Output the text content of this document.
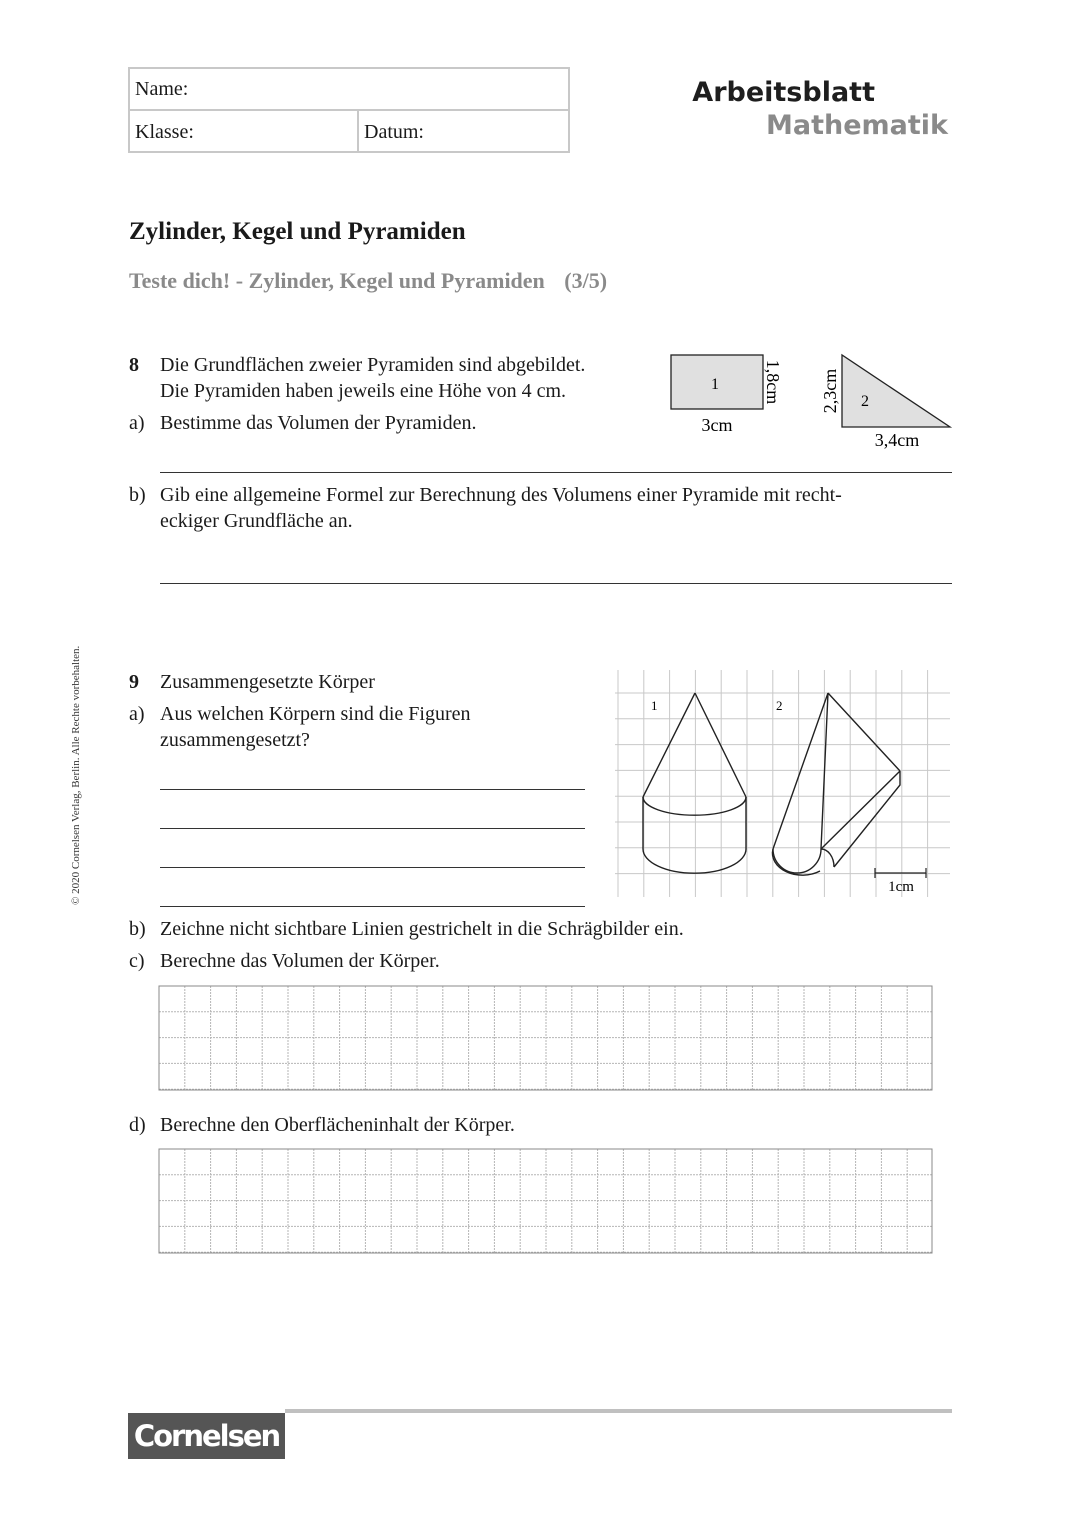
Name:
Klasse:	Datum:
Arbeitsblatt
Mathematik
Zylinder, Kegel und Pyramiden
Teste dich! - Zylinder, Kegel und Pyramiden (3/5)
8 Die Grundflächen zweier Pyramiden sind abgebildet.
Die Pyramiden haben jeweils eine Höhe von 4 cm.
a) Bestimme das Volumen der Pyramiden.
1
3cm
1,8cm	2
2,3cm
3,4cm
b) Gib eine allgemeine Formel zur Berechnung des Volumens einer Pyramide mit recht-
eckiger Grundfläche an.
9 Zusammengesetzte Körper
a) Aus welchen Körpern sind die Figuren
zusammengesetzt?
1	2
1cm
b) Zeichne nicht sichtbare Linien gestrichelt in die Schrägbilder ein.
c) Berechne das Volumen der Körper.
d) Berechne den Oberflächeninhalt der Körper.
© 2020 Cornelsen Verlag, Berlin. Alle Rechte vorbehalten.
Cornelsen
